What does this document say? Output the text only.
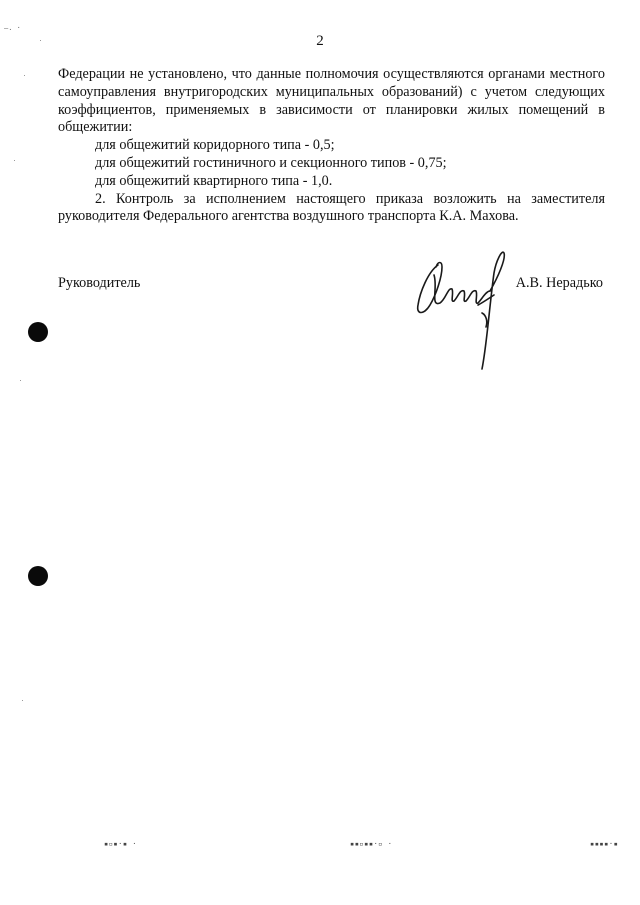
–. ·
2

Федерации не установлено, что данные полномочия осуществляются органами местного самоуправления внутригородских муниципальных образований) с учетом следующих коэффициентов, применяемых в зависимости от планировки жилых помещений в общежитии:

для общежитий коридорного типа - 0,5;

для общежитий гостиничного и секционного типов - 0,75;

для общежитий квартирного типа - 1,0.

2. Контроль за исполнением настоящего приказа возложить на заместителя руководителя Федерального агентства воздушного транспорта К.А. Махова.

Руководитель	А.В. Нерадько
▪▫▪·▪ ·	▪▪▫▪▪·▫ ·	▪▪▪▪·▪
